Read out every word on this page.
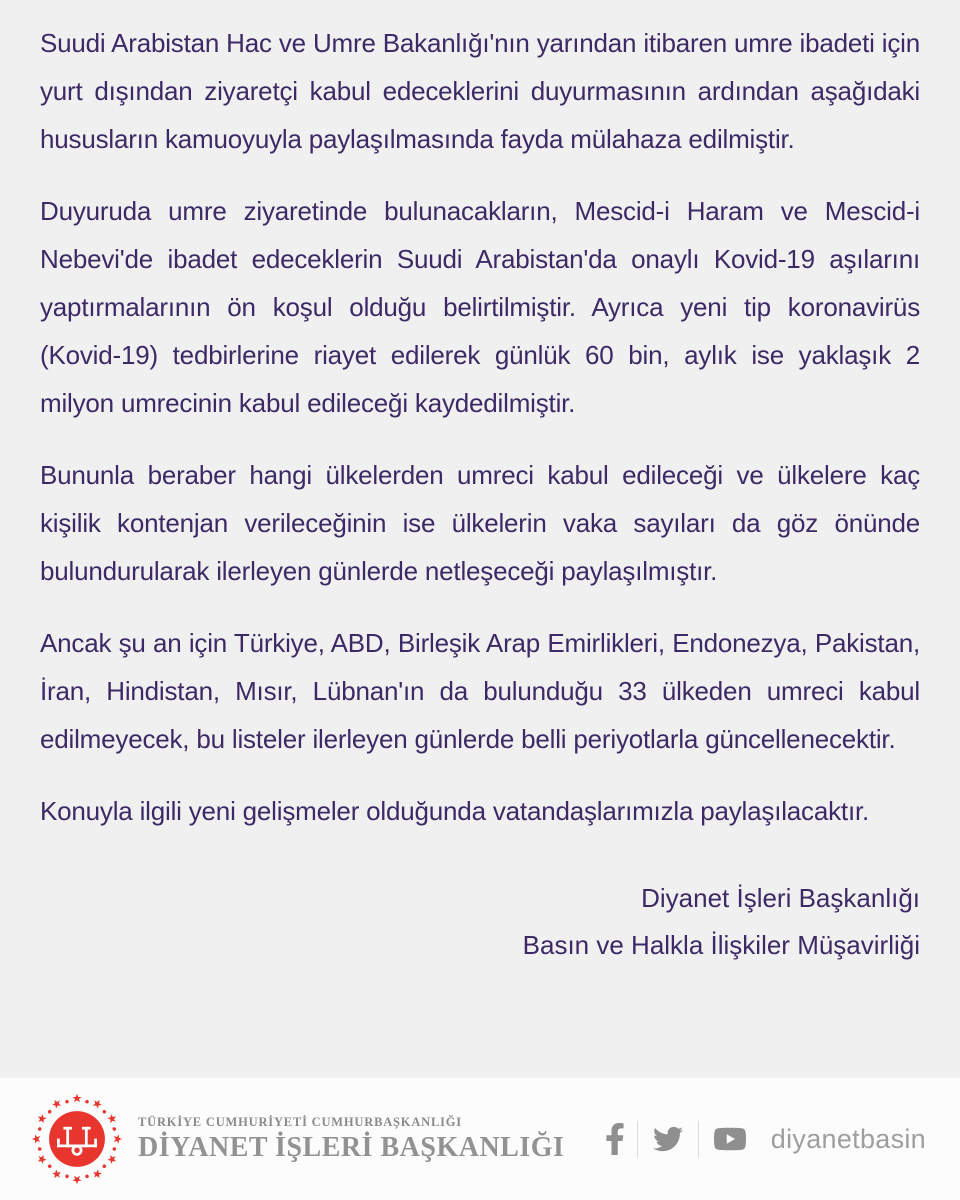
Suudi Arabistan Hac ve Umre Bakanlığı'nın yarından itibaren umre ibadeti için yurt dışından ziyaretçi kabul edeceklerini duyurmasının ardından aşağıdaki hususların kamuoyuyla paylaşılmasında fayda mülahaza edilmiştir.

Duyuruda umre ziyaretinde bulunacakların, Mescid-i Haram ve Mescid-i Nebevi'de ibadet edeceklerin Suudi Arabistan'da onaylı Kovid-19 aşılarını yaptırmalarının ön koşul olduğu belirtilmiştir. Ayrıca yeni tip koronavirüs (Kovid-19) tedbirlerine riayet edilerek günlük 60 bin, aylık ise yaklaşık 2 milyon umrecinin kabul edileceği kaydedilmiştir.

Bununla beraber hangi ülkelerden umreci kabul edileceği ve ülkelere kaç kişilik kontenjan verileceğinin ise ülkelerin vaka sayıları da göz önünde bulundurularak ilerleyen günlerde netleşeceği paylaşılmıştır.

Ancak şu an için Türkiye, ABD, Birleşik Arap Emirlikleri, Endonezya, Pakistan, İran, Hindistan, Mısır, Lübnan'ın da bulunduğu 33 ülkeden umreci kabul edilmeyecek, bu listeler ilerleyen günlerde belli periyotlarla güncellenecektir.

Konuyla ilgili yeni gelişmeler olduğunda vatandaşlarımızla paylaşılacaktır.

Diyanet İşleri Başkanlığı
Basın ve Halkla İlişkiler Müşavirliği
TÜRKİYE CUMHURİYETİ CUMHURBAŞKANLIĞI
DİYANET İŞLERİ BAŞKANLIĞI	diyanetbasin
